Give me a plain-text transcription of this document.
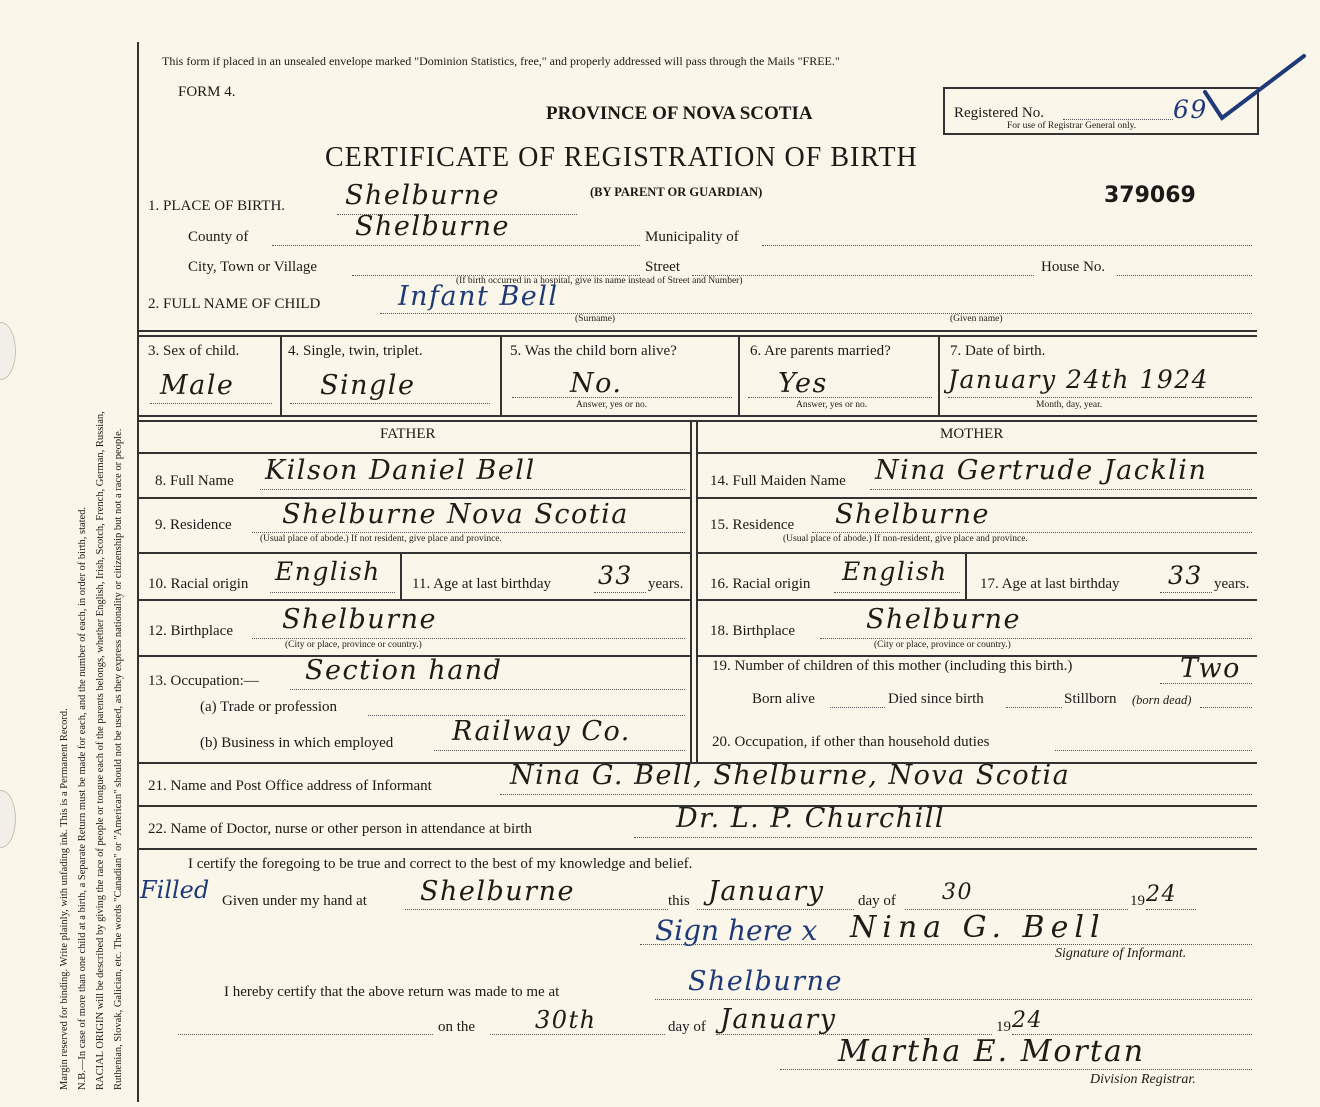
Margin reserved for binding. Write plainly, with unfading ink. This is a Permanent Record. N.B.—In case of more than one child at a birth, a Separate Return must be made for each, and the number of each, in order of birth, stated. RACIAL ORIGIN will be described by giving the race of people or tongue each of the parents belongs, whether English, Irish, Scotch, French, German, Russian, Ruthenian, Slovak, Galician, etc. The words "Canadian" or "American" should not be used, as they express nationality or citizenship but not a race or people.
This form if placed in an unsealed envelope marked "Dominion Statistics, free," and properly addressed will pass through the Mails "FREE."
FORM 4.
PROVINCE OF NOVA SCOTIA	Registered No.	69
For use of Registrar General only.
CERTIFICATE OF REGISTRATION OF BIRTH
(BY PARENT OR GUARDIAN)	379069
1. PLACE OF BIRTH. Shelburne
County of	Shelburne	Municipality of
City, Town or Village	Street	House No.
(If birth occurred in a hospital, give its name instead of Street and Number)
2. FULL NAME OF CHILD	Infant Bell
(Surname)	(Given name)
3. Sex of child.
Male
4. Single, twin, triplet.
Single
5. Was the child born alive?
No.
Answer, yes or no.
6. Are parents married?
Yes
Answer, yes or no.
7. Date of birth.
January 24th 1924
Month, day, year.
FATHER	MOTHER
8. Full Name Kilson Daniel Bell	14. Full Maiden Name Nina Gertrude Jacklin
9. Residence Shelburne Nova Scotia
(Usual place of abode.) If not resident, give place and province.
15. Residence Shelburne
(Usual place of abode.) If non-resident, give place and province.
10. Racial origin English 11. Age at last birthday 33 years. 16. Racial origin English 17. Age at last birthday 33 years.
12. Birthplace Shelburne
(City or place, province or country.)
18. Birthplace	Shelburne
(City or place, province or country.)
13. Occupation:— Section hand
(a) Trade or profession
(b) Business in which employed Railway Co.
19. Number of children of this mother (including this birth.)	Two
Born alive	Died since birth	Stillborn (born dead)
20. Occupation, if other than household duties
21. Name and Post Office address of Informant	Nina G. Bell, Shelburne, Nova Scotia
22. Name of Doctor, nurse or other person in attendance at birth	Dr. L. P. Churchill
I certify the foregoing to be true and correct to the best of my knowledge and belief.
Filled Given under my hand at Shelburne	this January day of 30	19 24
Sign here x Nina G. Bell
Signature of Informant.
I hereby certify that the above return was made to me at	Shelburne
on the 30th	day of January	19 24
Martha E. Mortan
Division Registrar.
